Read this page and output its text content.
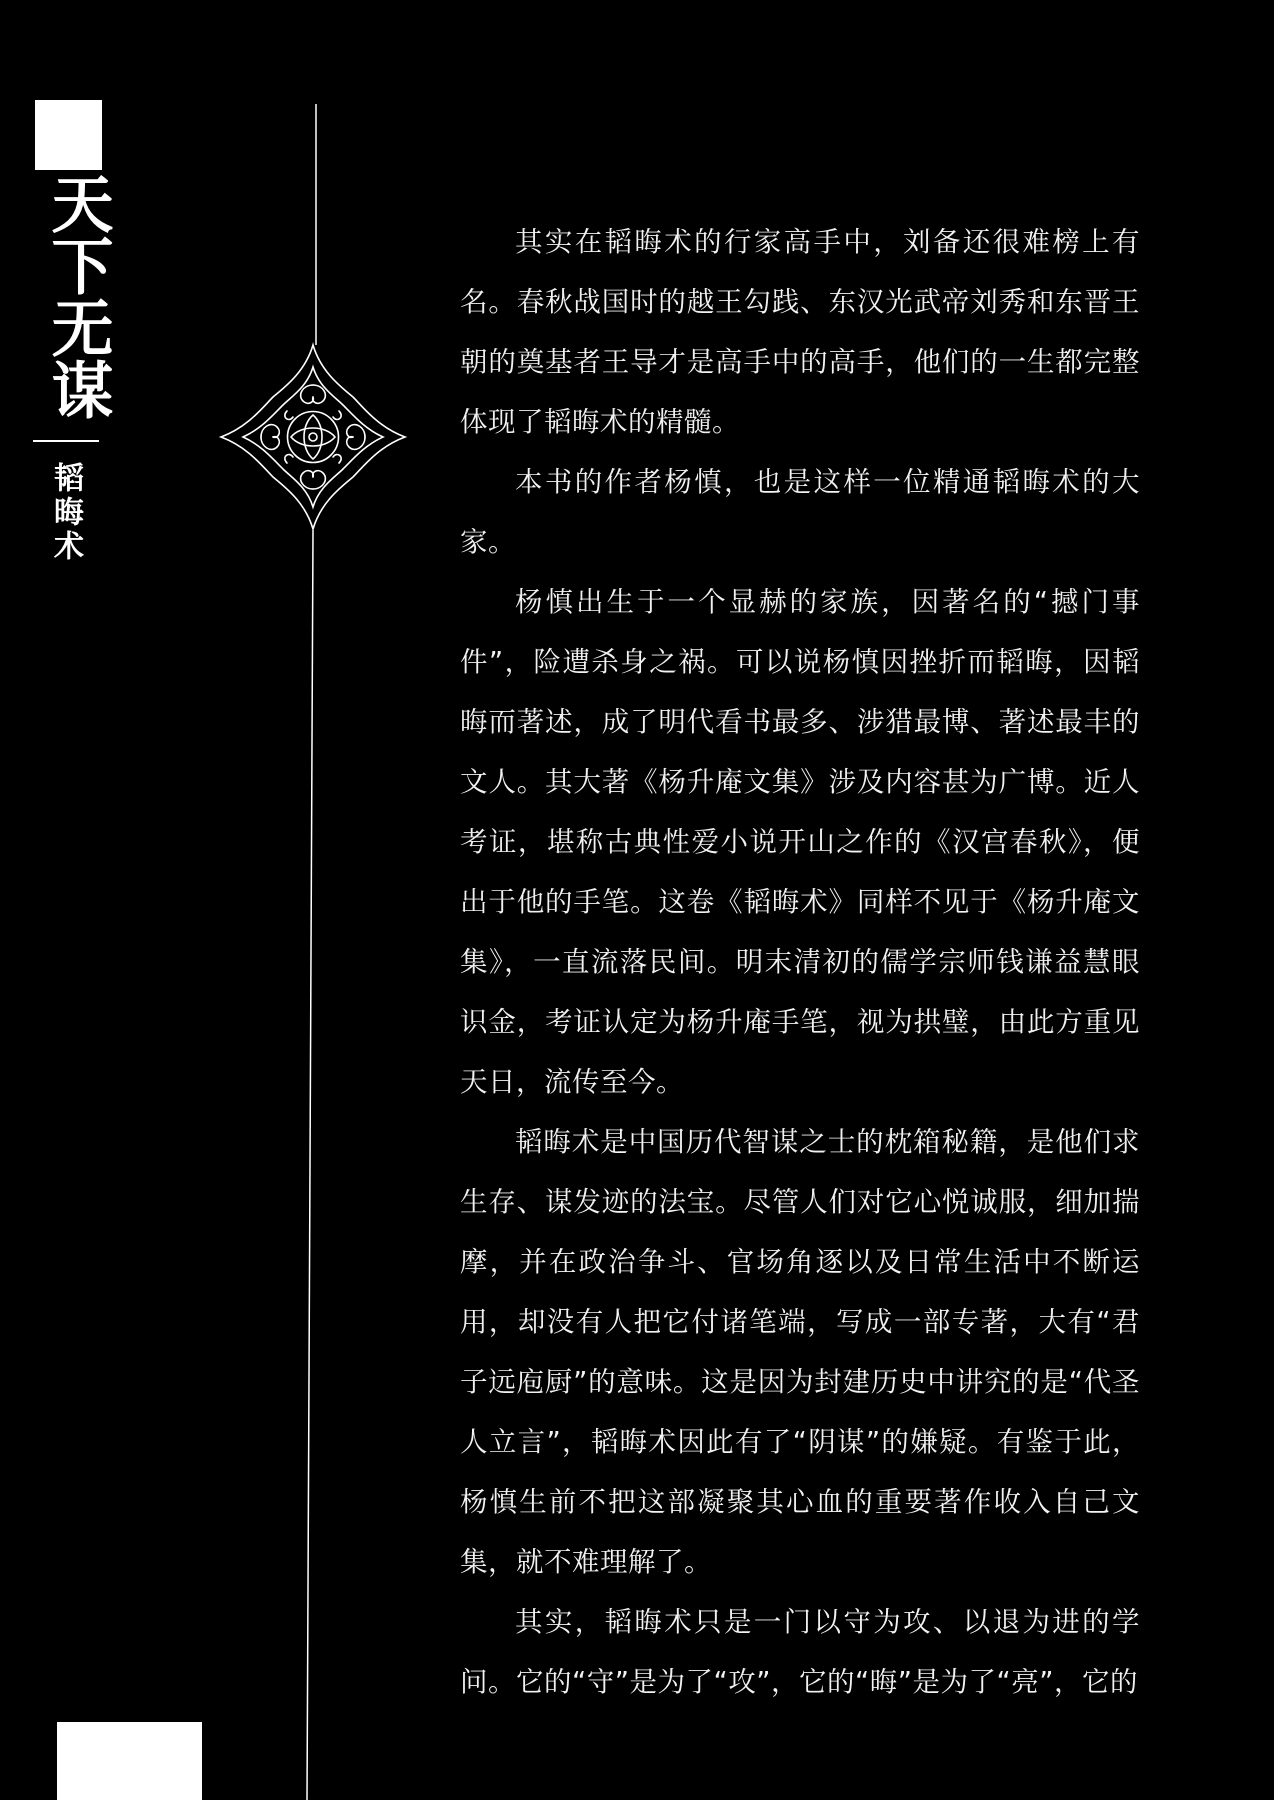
天下无谋
韬晦术

其实在韬晦术的行家高手中，刘备还很难榜上有名。春秋战国时的越王勾践、东汉光武帝刘秀和东晋王朝的奠基者王导才是高手中的高手，他们的一生都完整体现了韬晦术的精髓。

本书的作者杨慎，也是这样一位精通韬晦术的大家。

杨慎出生于一个显赫的家族，因著名的“撼门事件”，险遭杀身之祸。可以说杨慎因挫折而韬晦，因韬晦而著述，成了明代看书最多、涉猎最博、著述最丰的文人。其大著《杨升庵文集》涉及内容甚为广博。近人考证，堪称古典性爱小说开山之作的《汉宫春秋》，便出于他的手笔。这卷《韬晦术》同样不见于《杨升庵文集》，一直流落民间。明末清初的儒学宗师钱谦益慧眼识金，考证认定为杨升庵手笔，视为拱璧，由此方重见天日，流传至今。

韬晦术是中国历代智谋之士的枕箱秘籍，是他们求生存、谋发迹的法宝。尽管人们对它心悦诚服，细加揣摩，并在政治争斗、官场角逐以及日常生活中不断运用，却没有人把它付诸笔端，写成一部专著，大有“君子远庖厨”的意味。这是因为封建历史中讲究的是“代圣人立言”，韬晦术因此有了“阴谋”的嫌疑。有鉴于此，杨慎生前不把这部凝聚其心血的重要著作收入自己文集，就不难理解了。

其实，韬晦术只是一门以守为攻、以退为进的学问。它的“守”是为了“攻”，它的“晦”是为了“亮”，它的
